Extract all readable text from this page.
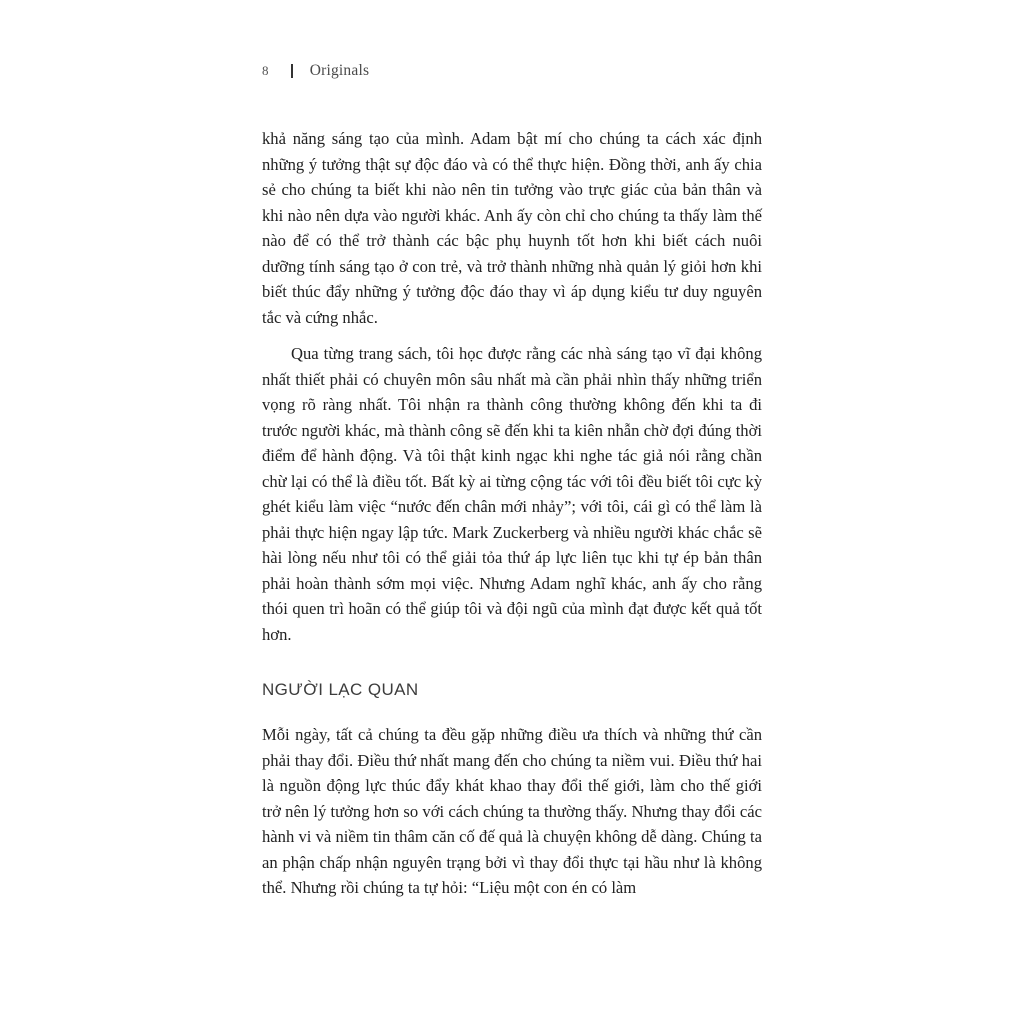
8	Originals

khả năng sáng tạo của mình. Adam bật mí cho chúng ta cách xác định những ý tưởng thật sự độc đáo và có thể thực hiện. Đồng thời, anh ấy chia sẻ cho chúng ta biết khi nào nên tin tưởng vào trực giác của bản thân và khi nào nên dựa vào người khác. Anh ấy còn chỉ cho chúng ta thấy làm thế nào để có thể trở thành các bậc phụ huynh tốt hơn khi biết cách nuôi dưỡng tính sáng tạo ở con trẻ, và trở thành những nhà quản lý giỏi hơn khi biết thúc đẩy những ý tưởng độc đáo thay vì áp dụng kiểu tư duy nguyên tắc và cứng nhắc.

Qua từng trang sách, tôi học được rằng các nhà sáng tạo vĩ đại không nhất thiết phải có chuyên môn sâu nhất mà cần phải nhìn thấy những triển vọng rõ ràng nhất. Tôi nhận ra thành công thường không đến khi ta đi trước người khác, mà thành công sẽ đến khi ta kiên nhẫn chờ đợi đúng thời điểm để hành động. Và tôi thật kinh ngạc khi nghe tác giả nói rằng chần chừ lại có thể là điều tốt. Bất kỳ ai từng cộng tác với tôi đều biết tôi cực kỳ ghét kiểu làm việc “nước đến chân mới nhảy”; với tôi, cái gì có thể làm là phải thực hiện ngay lập tức. Mark Zuckerberg và nhiều người khác chắc sẽ hài lòng nếu như tôi có thể giải tỏa thứ áp lực liên tục khi tự ép bản thân phải hoàn thành sớm mọi việc. Nhưng Adam nghĩ khác, anh ấy cho rằng thói quen trì hoãn có thể giúp tôi và đội ngũ của mình đạt được kết quả tốt hơn.

NGƯỜI LẠC QUAN

Mỗi ngày, tất cả chúng ta đều gặp những điều ưa thích và những thứ cần phải thay đổi. Điều thứ nhất mang đến cho chúng ta niềm vui. Điều thứ hai là nguồn động lực thúc đẩy khát khao thay đổi thế giới, làm cho thế giới trở nên lý tưởng hơn so với cách chúng ta thường thấy. Nhưng thay đổi các hành vi và niềm tin thâm căn cố đế quả là chuyện không dễ dàng. Chúng ta an phận chấp nhận nguyên trạng bởi vì thay đổi thực tại hầu như là không thể. Nhưng rồi chúng ta tự hỏi: “Liệu một con én có làm
